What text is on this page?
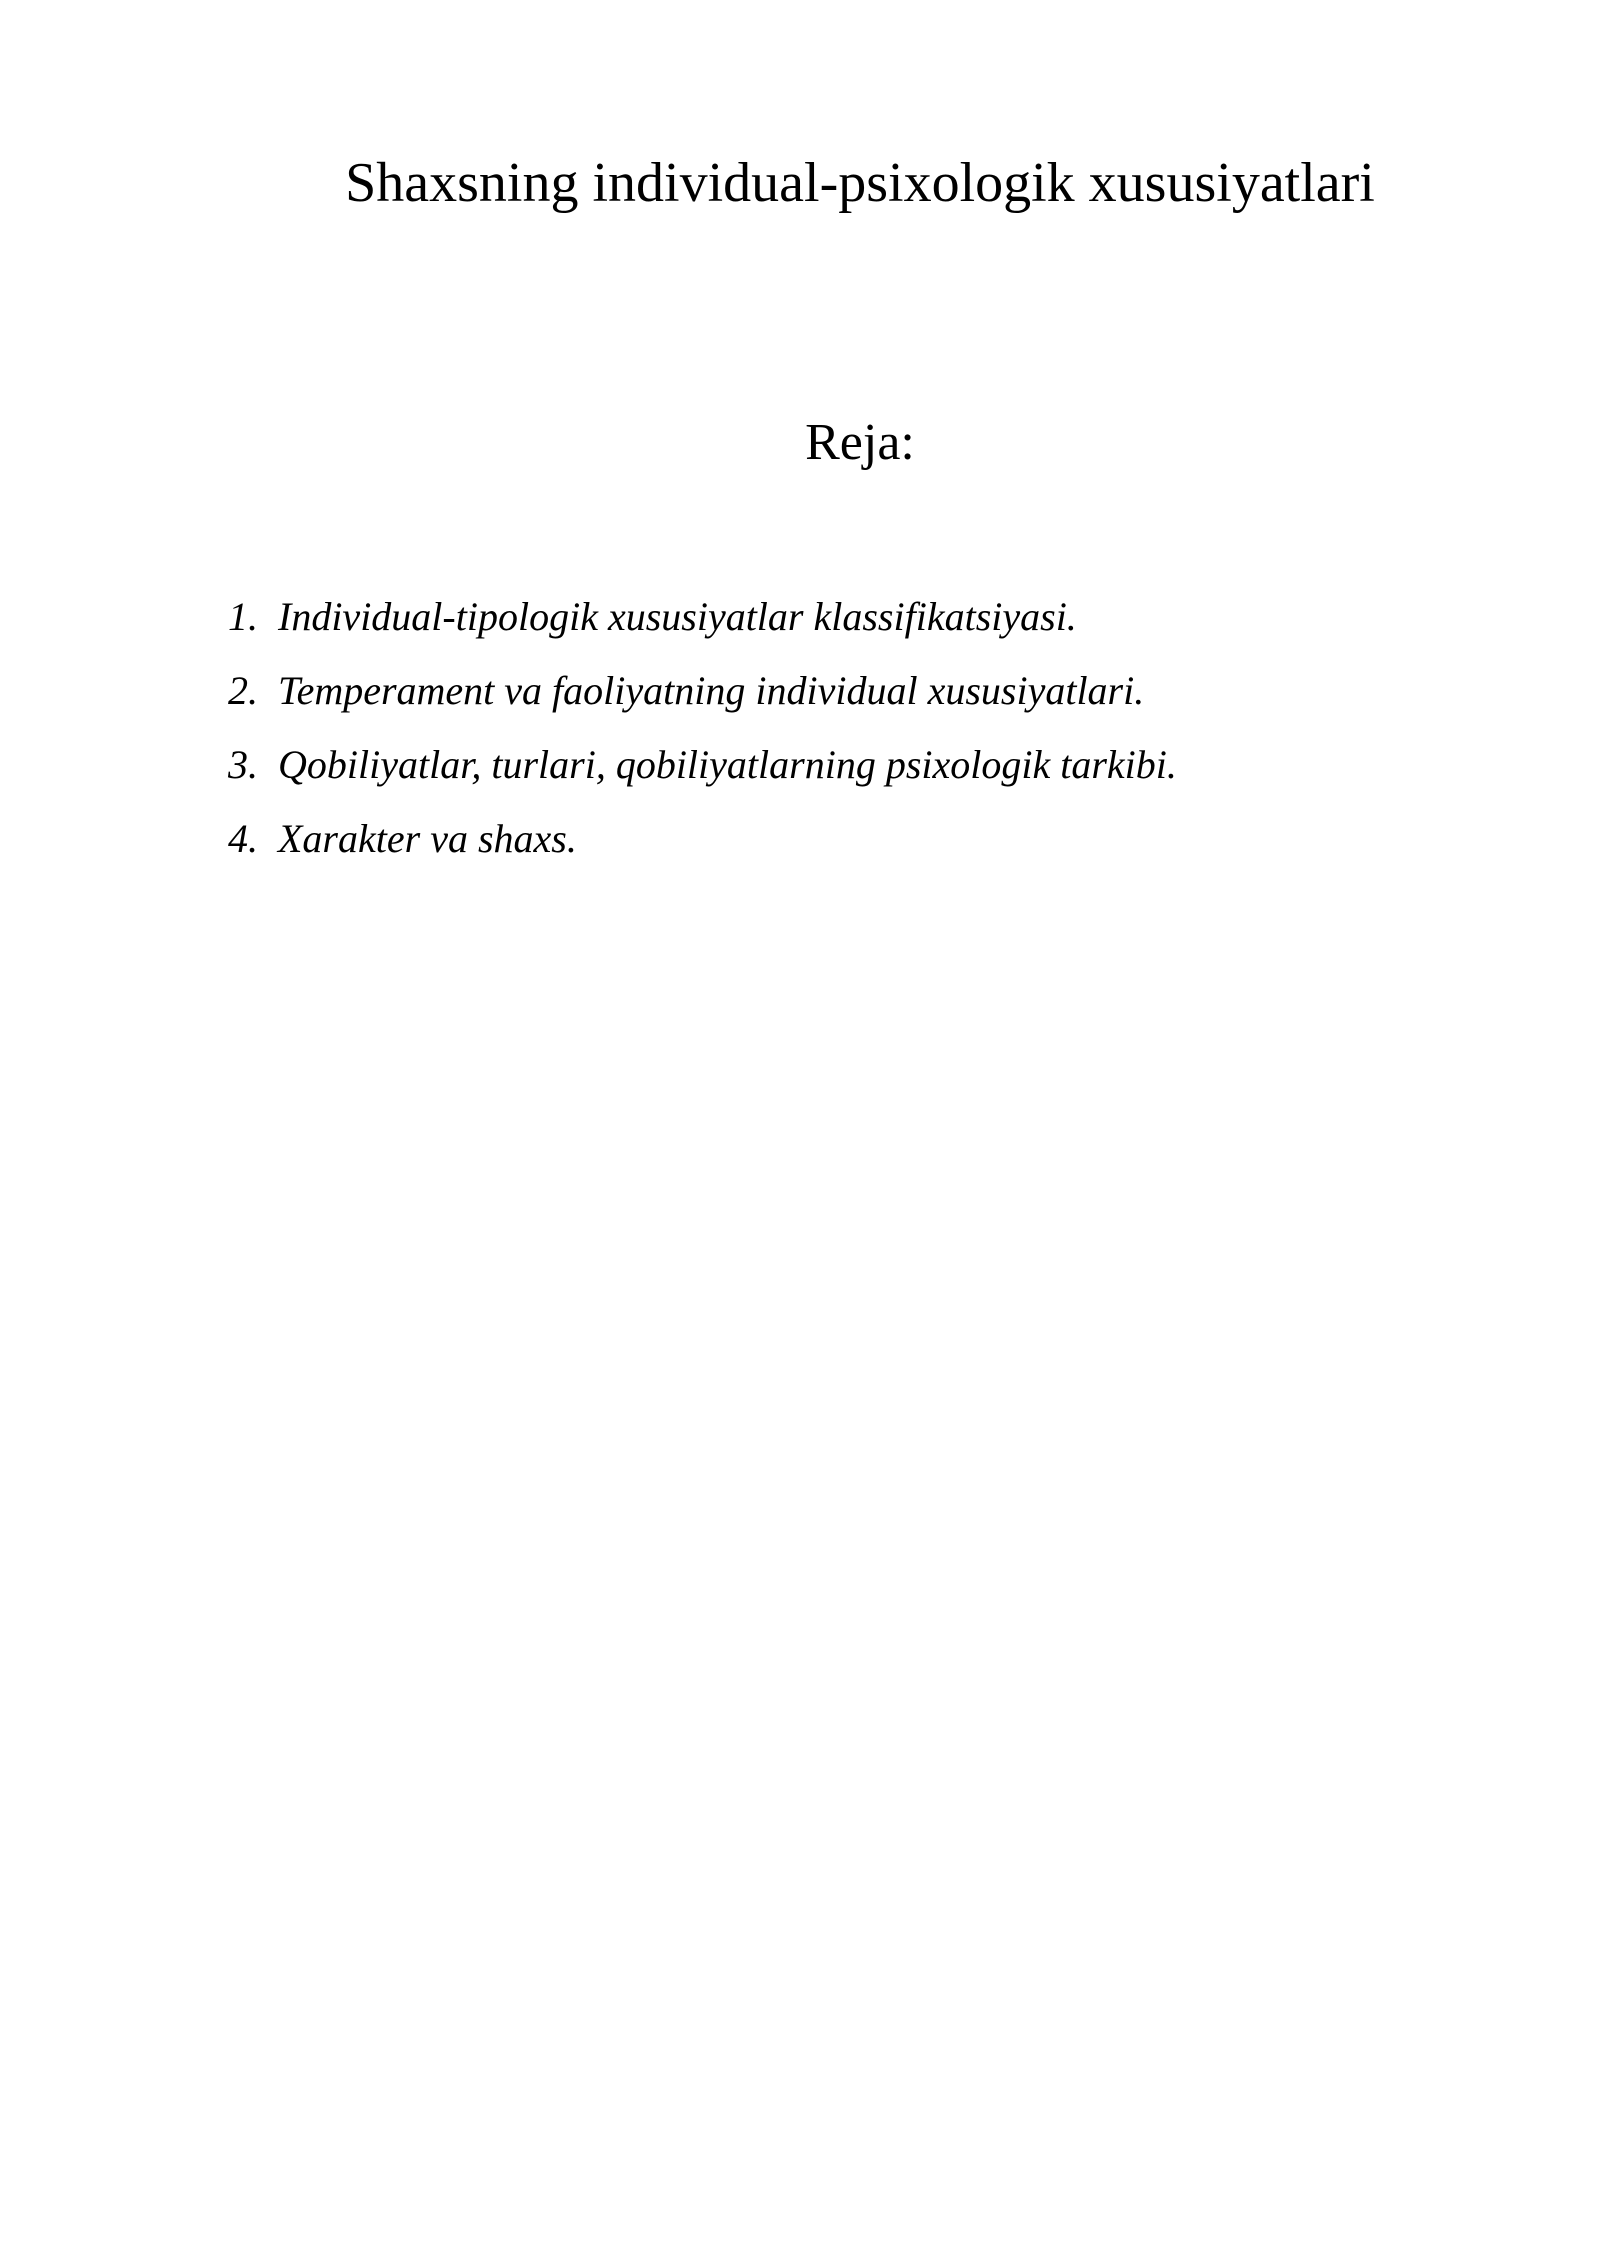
Shaxsning individual-psixologik xususiyatlari
Reja:
1. Individual-tipologik xususiyatlar klassifikatsiyasi.
2. Temperament va faoliyatning individual xususiyatlari.
3. Qobiliyatlar, turlari, qobiliyatlarning psixologik tarkibi.
4. Xarakter va shaxs.
